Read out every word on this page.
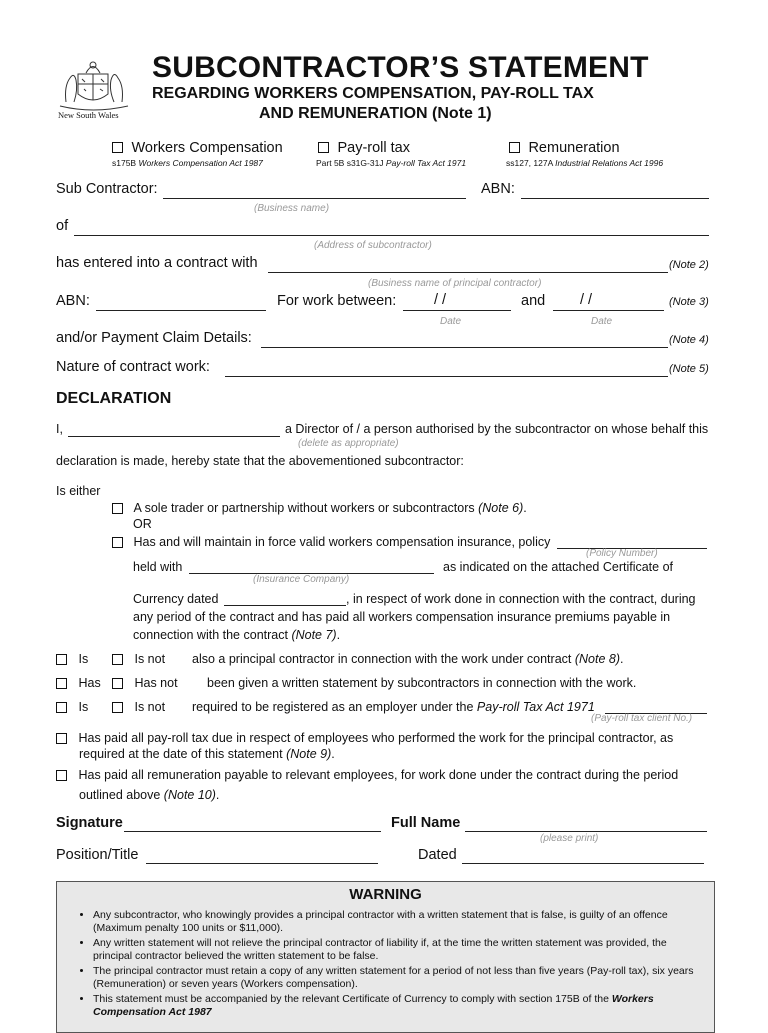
New South Wales
SUBCONTRACTOR’S STATEMENT
REGARDING WORKERS COMPENSATION, PAY-ROLL TAX
AND REMUNERATION (Note 1)
Workers Compensation
s175B Workers Compensation Act 1987
Pay-roll tax
Part 5B s31G-31J Pay-roll Tax Act 1971
Remuneration
ss127, 127A Industrial Relations Act 1996
Sub Contractor:	ABN:
(Business name)
of
(Address of subcontractor)
has entered into a contract with	(Note 2)
(Business name of principal contractor)
ABN:	For work between:	/ /	and / /	(Note 3)
Date	Date
and/or Payment Claim Details:	(Note 4)
Nature of contract work:	(Note 5)
DECLARATION
I,	a Director of / a person authorised by the subcontractor on whose behalf this
(delete as appropriate)
declaration is made, hereby state that the abovementioned subcontractor:
Is either
A sole trader or partnership without workers or subcontractors (Note 6).
OR
Has and will maintain in force valid workers compensation insurance, policy
(Policy Number)
held with
(Insurance Company)
as indicated on the attached Certificate of
Currency dated	, in respect of work done in connection with the contract, during
any period of the contract and has paid all workers compensation insurance premiums payable in
connection with the contract (Note 7).
Is	Is not also a principal contractor in connection with the work under contract (Note 8).
Has	Has not been given a written statement by subcontractors in connection with the work.
Is	Is not required to be registered as an employer under the Pay-roll Tax Act 1971
(Pay-roll tax client No.)
Has paid all pay-roll tax due in respect of employees who performed the work for the principal contractor, as
required at the date of this statement (Note 9).
Has paid all remuneration payable to relevant employees, for work done under the contract during the period
outlined above (Note 10).
Signature	Full Name
(please print)
Position/Title	Dated
WARNING
• Any subcontractor, who knowingly provides a principal contractor with a written statement that is false, is guilty of an offence (Maximum penalty 100 units or $11,000).
• Any written statement will not relieve the principal contractor of liability if, at the time the written statement was provided, the principal contractor believed the written statement to be false.
• The principal contractor must retain a copy of any written statement for a period of not less than five years (Pay-roll tax), six years (Remuneration) or seven years (Workers compensation).
• This statement must be accompanied by the relevant Certificate of Currency to comply with section 175B of the Workers Compensation Act 1987
